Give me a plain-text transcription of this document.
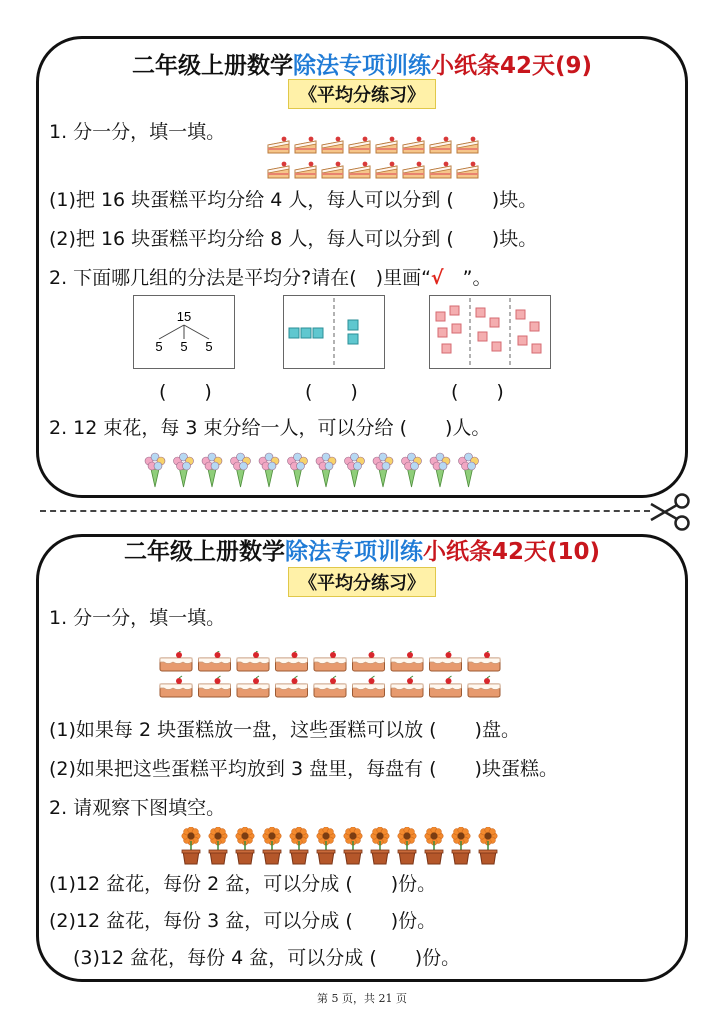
二年级上册数学除法专项训练小纸条42天(9)
《平均分练习》
1. 分一分，填一填。
(1)把 16 块蛋糕平均分给 4 人，每人可以分到 (　　)块。
(2)把 16 块蛋糕平均分给 8 人，每人可以分到 (　　)块。
2. 下面哪几组的分法是平均分?请在(　)里画“√　”。
15
5 5 5
(　　)	(　　)	(　　)
2. 12 束花，每 3 束分给一人，可以分给 (　　)人。
二年级上册数学除法专项训练小纸条42天(10)
《平均分练习》
1. 分一分，填一填。
(1)如果每 2 块蛋糕放一盘，这些蛋糕可以放 (　　)盘。
(2)如果把这些蛋糕平均放到 3 盘里，每盘有 (　　)块蛋糕。
2. 请观察下图填空。
(1)12 盆花，每份 2 盆，可以分成 (　　)份。
(2)12 盆花，每份 3 盆，可以分成 (　　)份。
(3)12 盆花，每份 4 盆，可以分成 (　　)份。
第 5 页，共 21 页
